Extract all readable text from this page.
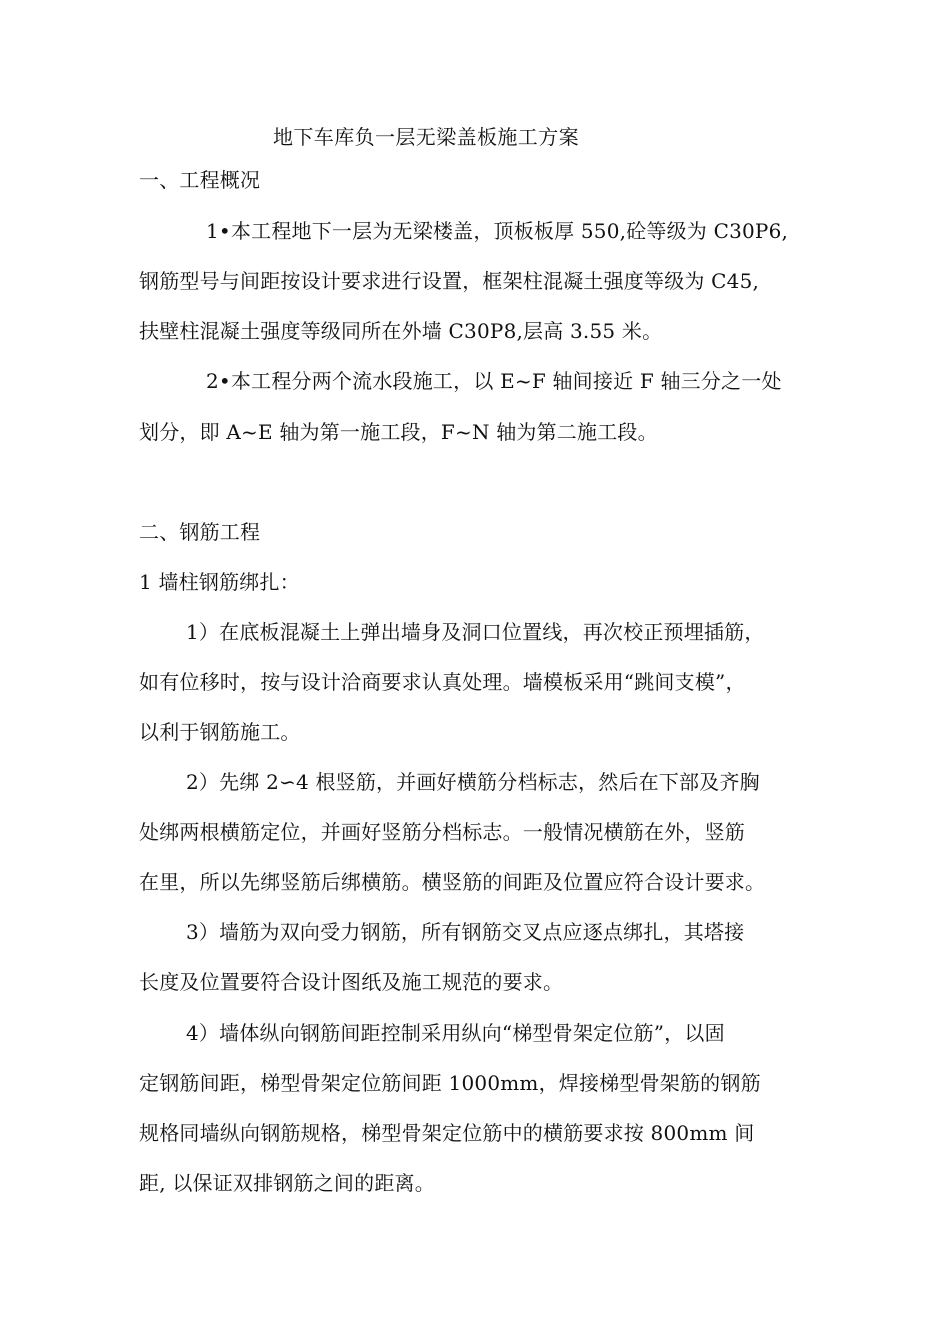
地下车库负一层无梁盖板施工方案
一、工程概况
1•本工程地下一层为无梁楼盖，顶板板厚 550,砼等级为 C30P6,
钢筋型号与间距按设计要求进行设置，框架柱混凝土强度等级为 C45,
扶壁柱混凝土强度等级同所在外墙 C30P8,层高 3.55 米。
2•本工程分两个流水段施工，以 E~F 轴间接近 F 轴三分之一处
划分，即 A~E 轴为第一施工段，F~N 轴为第二施工段。
二、钢筋工程
1 墙柱钢筋绑扎：
1）在底板混凝土上弹出墙身及洞口位置线，再次校正预埋插筋，
如有位移时，按与设计洽商要求认真处理。墙模板采用“跳间支模”，
以利于钢筋施工。
2）先绑 2∽4 根竖筋，并画好横筋分档标志，然后在下部及齐胸
处绑两根横筋定位，并画好竖筋分档标志。一般情况横筋在外，竖筋
在里，所以先绑竖筋后绑横筋。横竖筋的间距及位置应符合设计要求。
3）墙筋为双向受力钢筋，所有钢筋交叉点应逐点绑扎，其塔接
长度及位置要符合设计图纸及施工规范的要求。
4）墙体纵向钢筋间距控制采用纵向“梯型骨架定位筋”，以固
定钢筋间距，梯型骨架定位筋间距 1000mm，焊接梯型骨架筋的钢筋
规格同墙纵向钢筋规格，梯型骨架定位筋中的横筋要求按 800mm 间
距, 以保证双排钢筋之间的距离。
